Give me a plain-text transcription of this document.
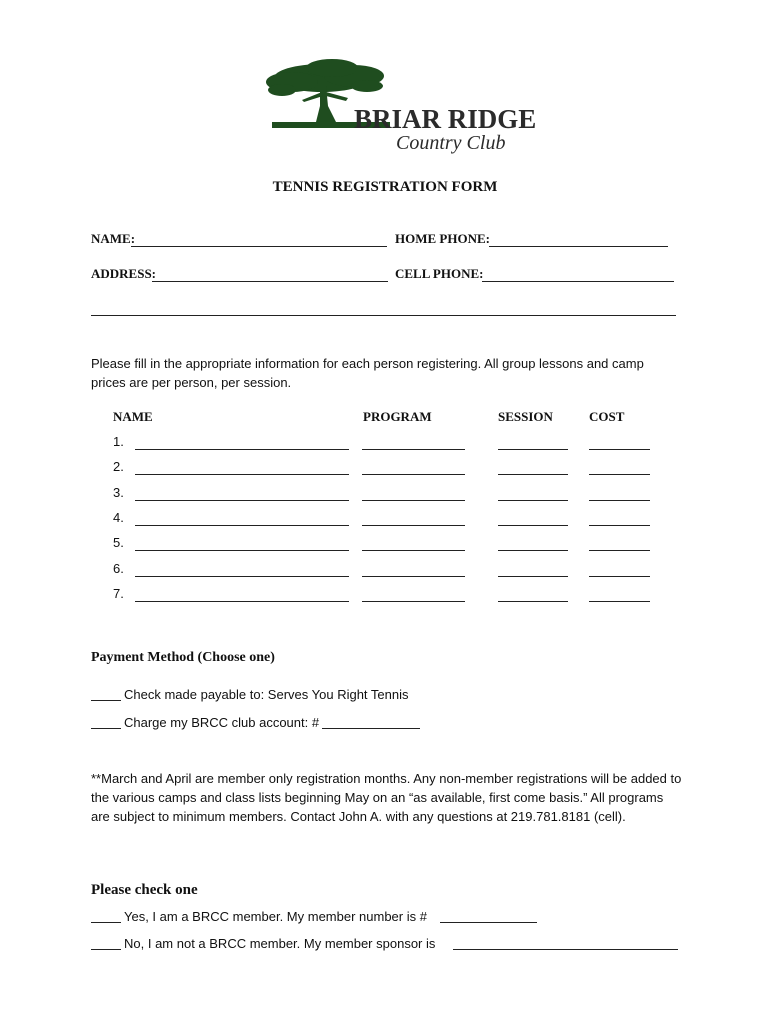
BRIAR RIDGE
Country Club
TENNIS REGISTRATION FORM
NAME:	HOME PHONE:
ADDRESS:	CELL PHONE:
Please fill in the appropriate information for each person registering. All group lessons and camp prices are per person, per session.
NAME	PROGRAM	SESSION	COST
1.
2.
3.
4.
5.
6.
7.
Payment Method (Choose one)
Check made payable to: Serves You Right Tennis
Charge my BRCC club account: #
**March and April are member only registration months. Any non-member registrations will be added to the various camps and class lists beginning May on an “as available, first come basis.” All programs are subject to minimum members. Contact John A. with any questions at 219.781.8181 (cell).
Please check one
Yes, I am a BRCC member. My member number is #
No, I am not a BRCC member. My member sponsor is
